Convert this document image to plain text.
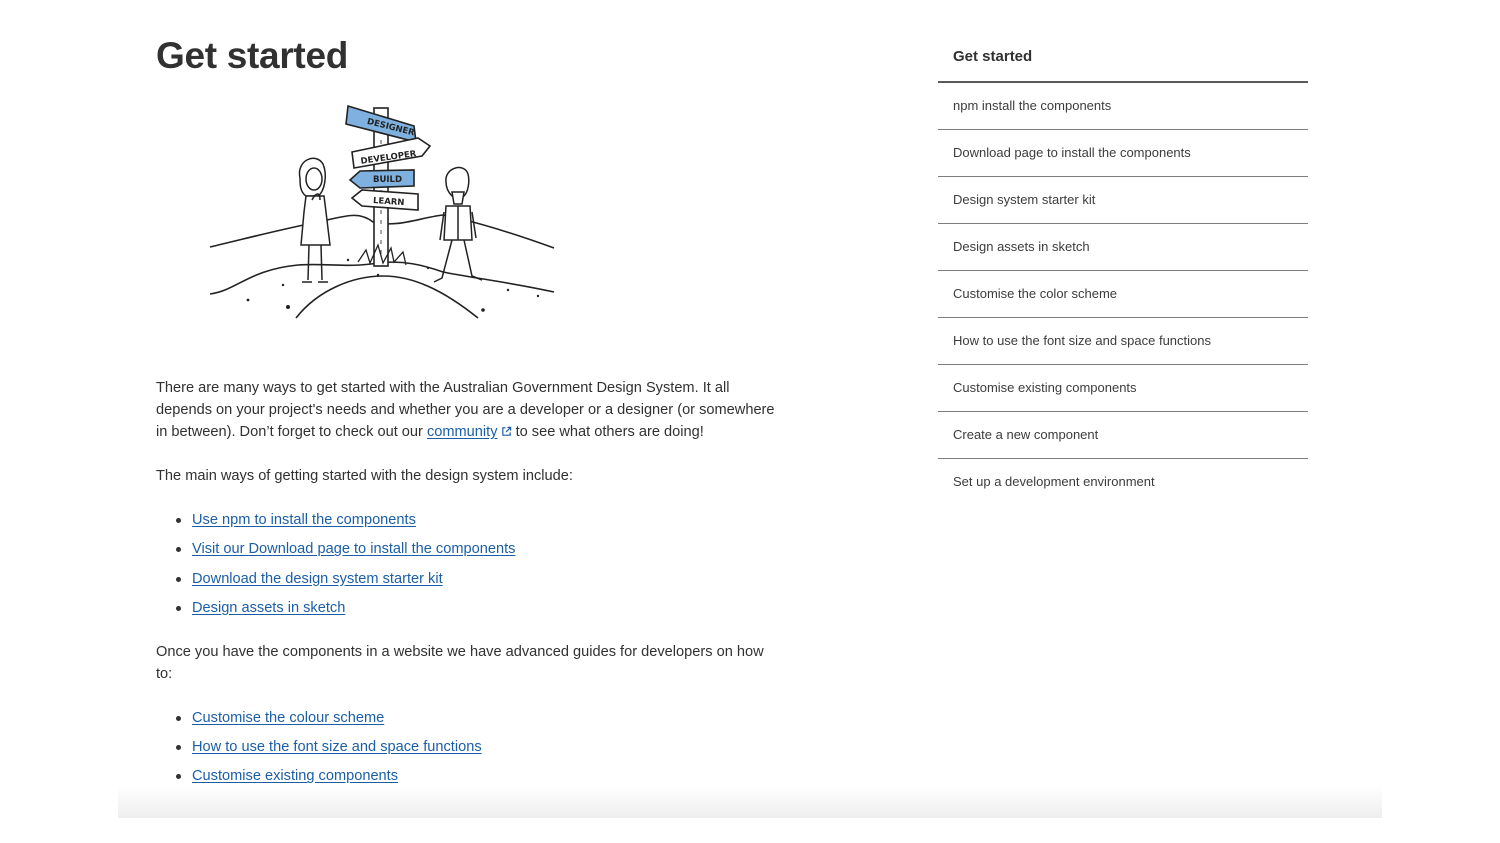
Get started
DESIGNER
DEVELOPER
BUILD
LEARN

There are many ways to get started with the Australian Government Design System. It all depends on your project's needs and whether you are a developer or a designer (or somewhere in between). Don’t forget to check out our community to see what others are doing!

The main ways of getting started with the design system include:

Use npm to install the components
Visit our Download page to install the components
Download the design system starter kit
Design assets in sketch

Once you have the components in a website we have advanced guides for developers on how to:

Customise the colour scheme
How to use the font size and space functions
Customise existing components
Get started
npm install the components
Download page to install the components
Design system starter kit
Design assets in sketch
Customise the color scheme
How to use the font size and space functions
Customise existing components
Create a new component
Set up a development environment
